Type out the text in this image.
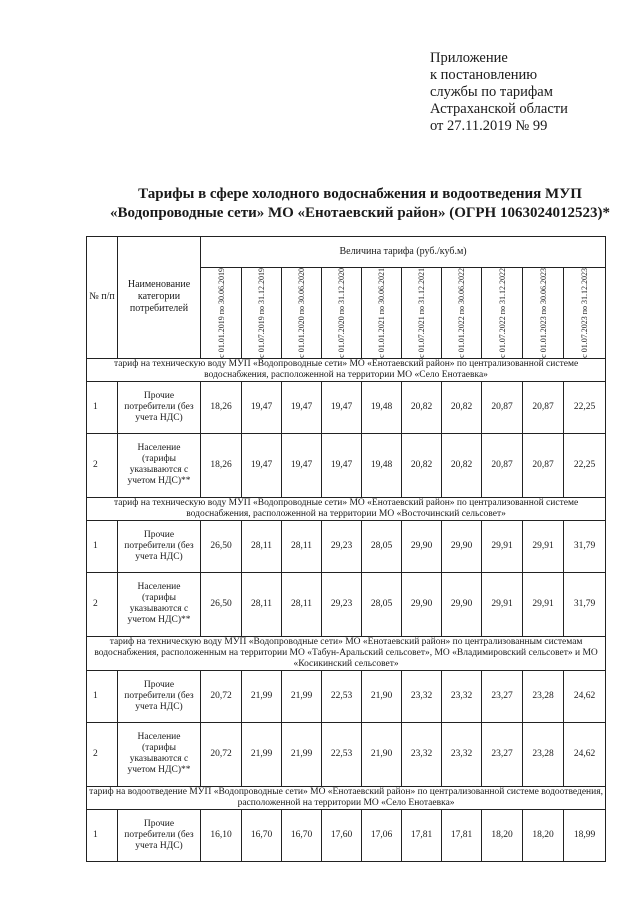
Приложение
к постановлению
службы по тарифам
Астраханской области
от 27.11.2019 № 99
Тарифы в сфере холодного водоснабжения и водоотведения МУП
«Водопроводные сети» МО «Енотаевский район» (ОГРН 1063024012523)*
№ п/п	Наименование категории потребителей	Величина тарифа (руб./куб.м)									

		с 01.01.2019 по 30.06.2019	с 01.07.2019 по 31.12.2019	с 01.01.2020 по 30.06.2020	с 01.07.2020 по 31.12.2020	с 01.01.2021 по 30.06.2021	с 01.07.2021 по 31.12.2021	с 01.01.2022 по 30.06.2022	с 01.07.2022 по 31.12.2022	с 01.01.2023 по 30.06.2023	с 01.07.2023 по 31.12.2023

тариф на техническую воду МУП «Водопроводные сети» МО «Енотаевский район» по централизованной системе водоснабжения, расположенной на территории МО «Село Енотаевка»											
1	Прочие потребители (без учета НДС)	18,26	19,47	19,47	19,47	19,48	20,82	20,82	20,87	20,87	22,25
2	Население (тарифы указываются с учетом НДС)**	18,26	19,47	19,47	19,47	19,48	20,82	20,82	20,87	20,87	22,25
тариф на техническую воду МУП «Водопроводные сети» МО «Енотаевский район» по централизованной системе водоснабжения, расположенной на территории МО «Восточинский сельсовет»											
1	Прочие потребители (без учета НДС)	26,50	28,11	28,11	29,23	28,05	29,90	29,90	29,91	29,91	31,79
2	Население (тарифы указываются с учетом НДС)**	26,50	28,11	28,11	29,23	28,05	29,90	29,90	29,91	29,91	31,79
тариф на техническую воду МУП «Водопроводные сети» МО «Енотаевский район» по централизованным системам водоснабжения, расположенным на территории МО «Табун-Аральский сельсовет», МО «Владимировский сельсовет» и МО «Косикинский сельсовет»											
1	Прочие потребители (без учета НДС)	20,72	21,99	21,99	22,53	21,90	23,32	23,32	23,27	23,28	24,62
2	Население (тарифы указываются с учетом НДС)**	20,72	21,99	21,99	22,53	21,90	23,32	23,32	23,27	23,28	24,62
тариф на водоотведение МУП «Водопроводные сети» МО «Енотаевский район» по централизованной системе водоотведения, расположенной на территории МО «Село Енотаевка»											
1	Прочие потребители (без учета НДС)	16,10	16,70	16,70	17,60	17,06	17,81	17,81	18,20	18,20	18,99
